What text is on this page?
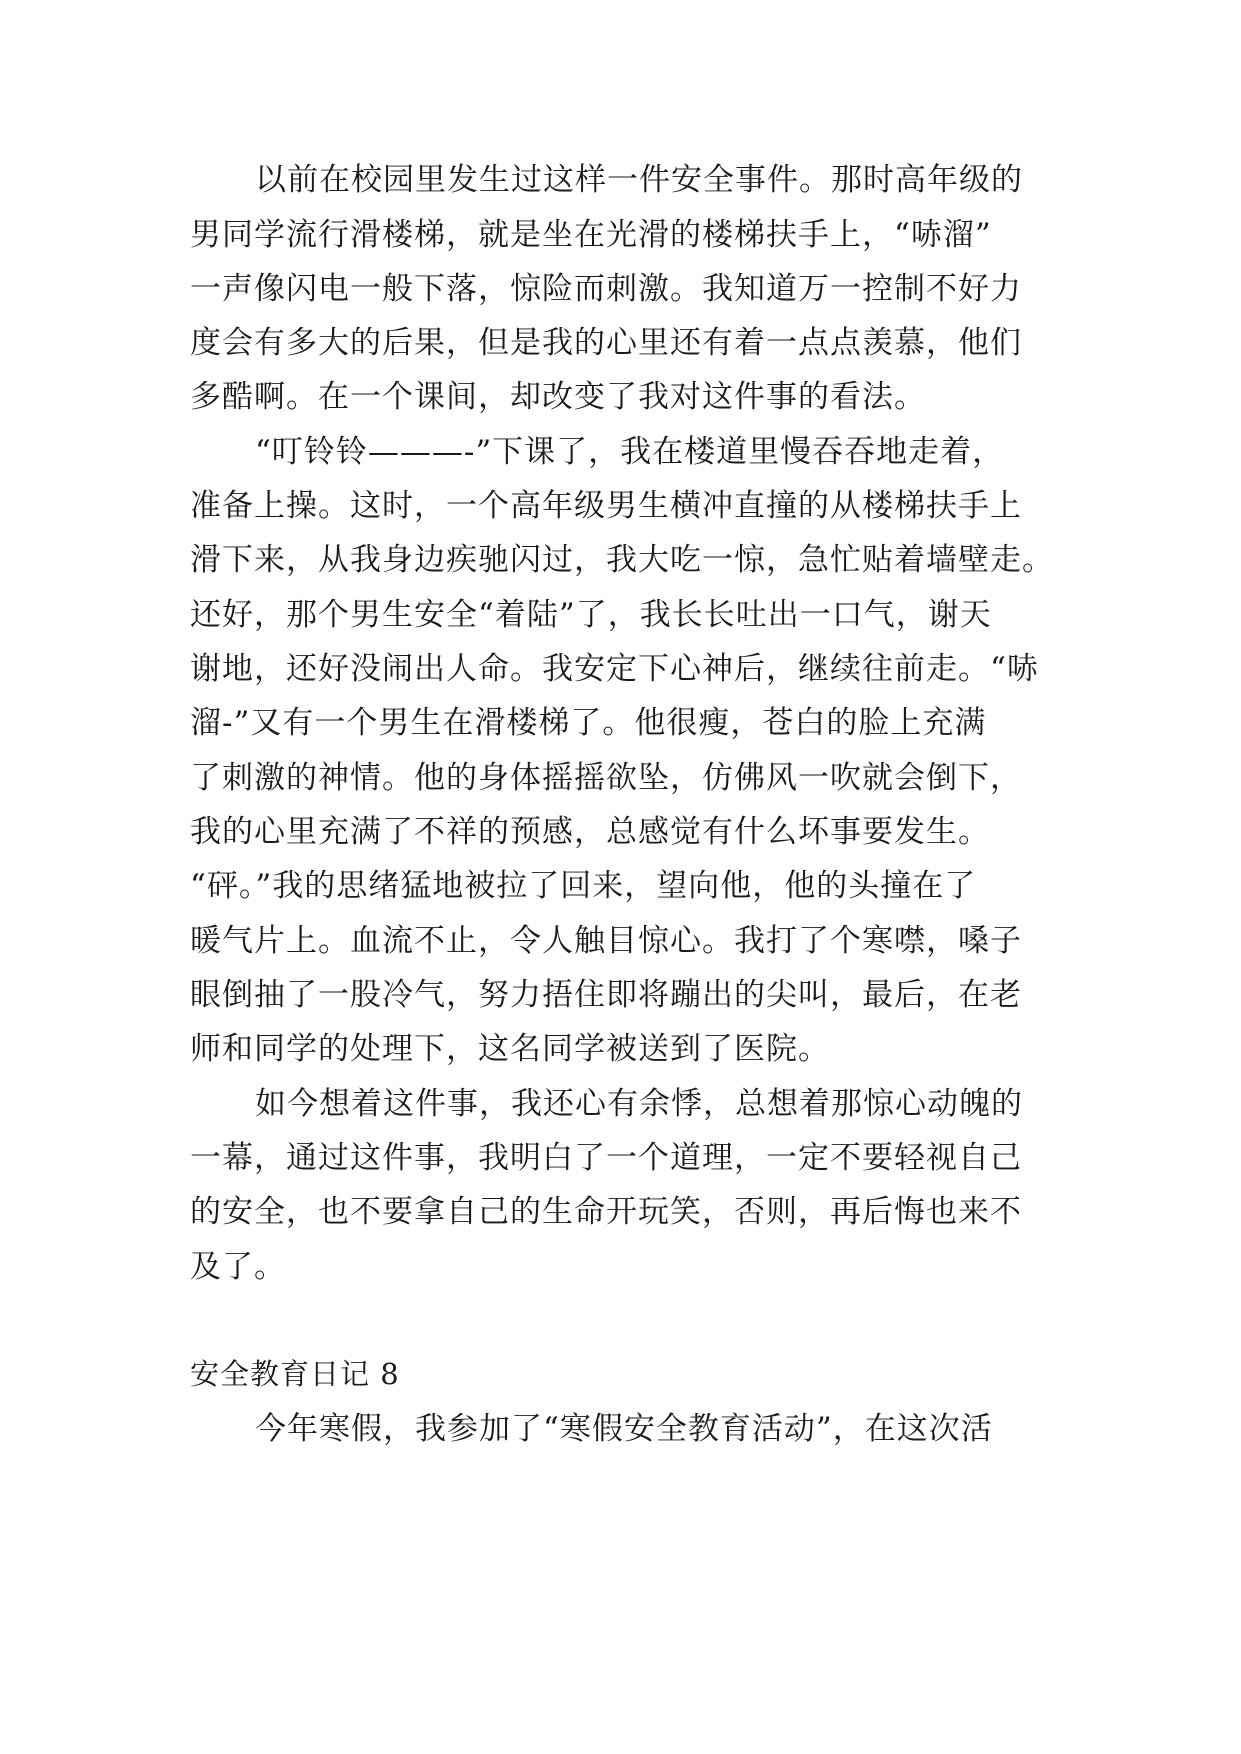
以前在校园里发生过这样一件安全事件。那时高年级的
男同学流行滑楼梯，就是坐在光滑的楼梯扶手上，“哧溜”
一声像闪电一般下落，惊险而刺激。我知道万一控制不好力
度会有多大的后果，但是我的心里还有着一点点羡慕，他们
多酷啊。在一个课间，却改变了我对这件事的看法。
“叮铃铃———-”下课了，我在楼道里慢吞吞地走着，
准备上操。这时，一个高年级男生横冲直撞的从楼梯扶手上
滑下来，从我身边疾驰闪过，我大吃一惊，急忙贴着墙壁走。
还好，那个男生安全“着陆”了，我长长吐出一口气，谢天
谢地，还好没闹出人命。我安定下心神后，继续往前走。“哧
溜-”又有一个男生在滑楼梯了。他很瘦，苍白的脸上充满
了刺激的神情。他的身体摇摇欲坠，仿佛风一吹就会倒下，
我的心里充满了不祥的预感，总感觉有什么坏事要发生。
“砰。”我的思绪猛地被拉了回来，望向他，他的头撞在了
暖气片上。血流不止，令人触目惊心。我打了个寒噤，嗓子
眼倒抽了一股冷气，努力捂住即将蹦出的尖叫，最后，在老
师和同学的处理下，这名同学被送到了医院。
如今想着这件事，我还心有余悸，总想着那惊心动魄的
一幕，通过这件事，我明白了一个道理，一定不要轻视自己
的安全，也不要拿自己的生命开玩笑，否则，再后悔也来不
及了。
安全教育日记 8
今年寒假，我参加了“寒假安全教育活动”，在这次活
